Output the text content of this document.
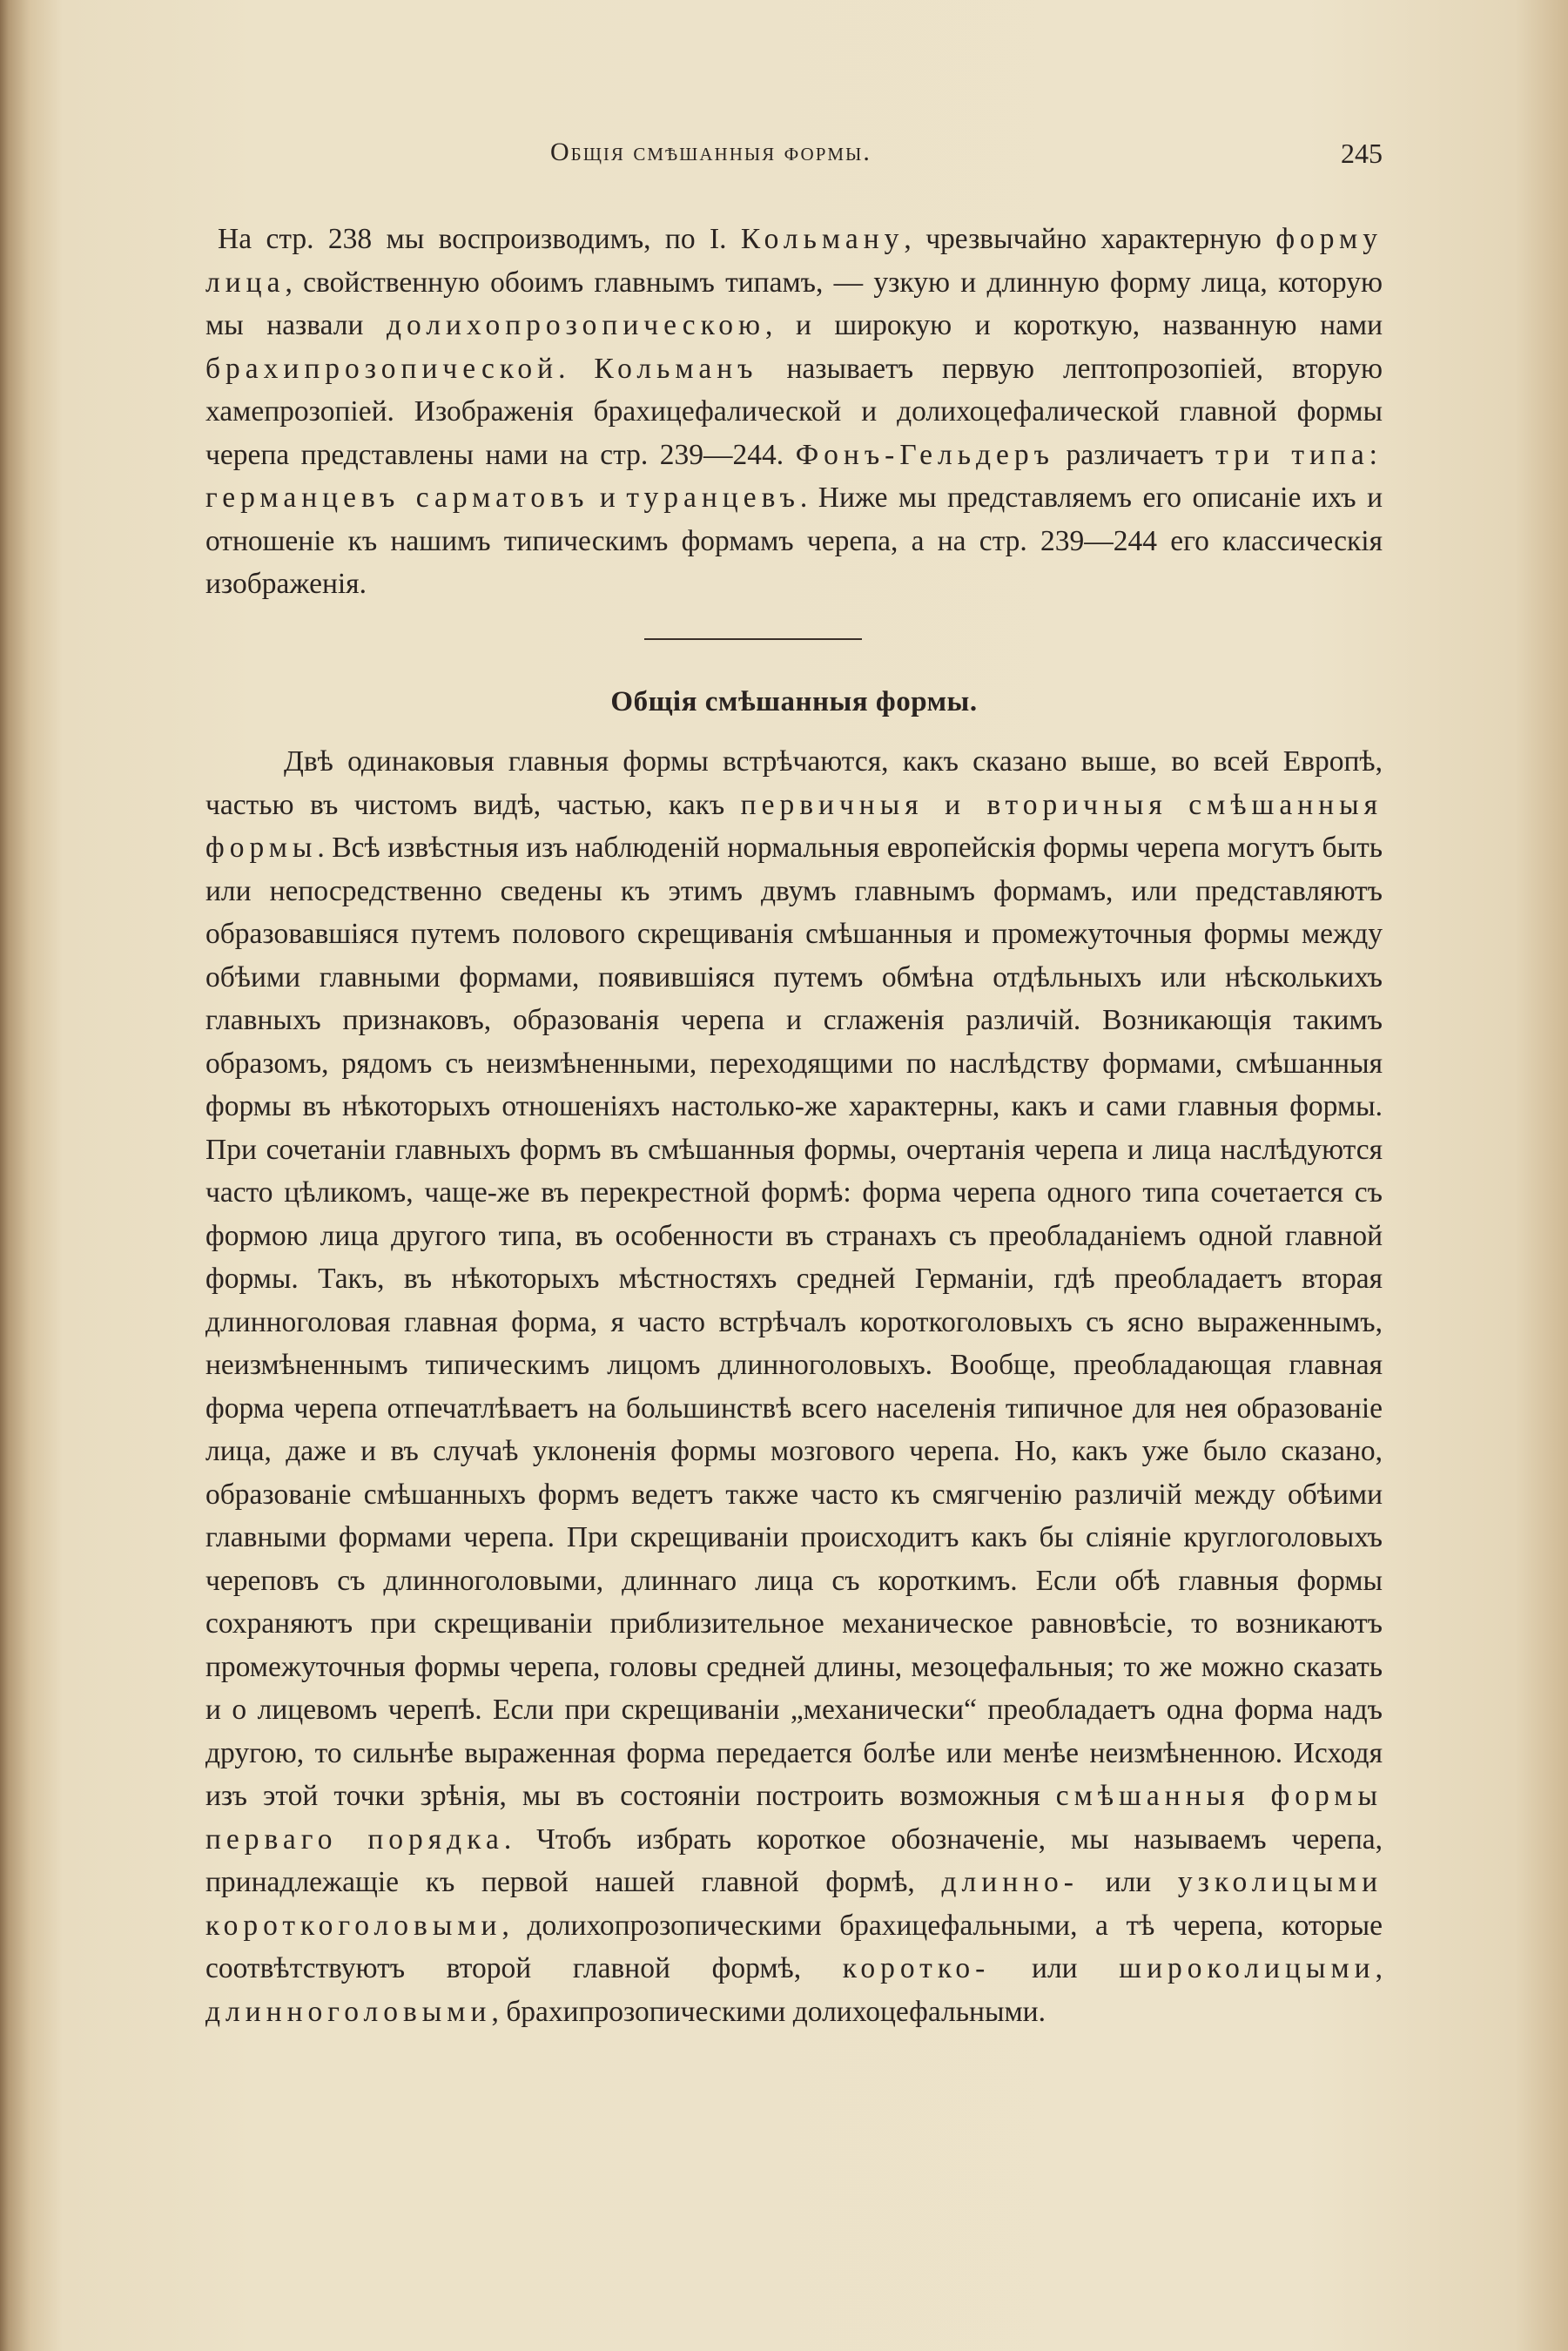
Общія смѣшанныя формы.	245

На стр. 238 мы воспроизводимъ, по I. Кольману, чрезвычайно характерную форму лица, свойственную обоимъ главнымъ типамъ, — узкую и длинную форму лица, которую мы назвали долихопрозопическою, и широкую и короткую, названную нами брахипрозопической. Кольманъ называетъ первую лептопрозопiей, вторую хамепрозопiей. Изображенiя брахицефалической и долихоцефалической главной формы черепа представлены нами на стр. 239—244. Фонъ-Гельдеръ различаетъ три типа: германцевъ сарматовъ и туранцевъ. Ниже мы представляемъ его описанiе ихъ и отношенiе къ нашимъ типическимъ формамъ черепа, а на стр. 239—244 его классическiя изображенiя.

Общiя смѣшанныя формы.

Двѣ одинаковыя главныя формы встрѣчаются, какъ сказано выше, во всей Европѣ, частью въ чистомъ видѣ, частью, какъ первичныя и вторичныя смѣшанныя формы. Всѣ извѣстныя изъ наблюденiй нормальныя европейскiя формы черепа могутъ быть или непосредственно сведены къ этимъ двумъ главнымъ формамъ, или представляютъ образовавшiяся путемъ полового скрещиванiя смѣшанныя и промежуточныя формы между обѣими главными формами, появившiяся путемъ обмѣна отдѣльныхъ или нѣсколькихъ главныхъ признаковъ, образованiя черепа и сглаженiя различiй. Возникающiя такимъ образомъ, рядомъ съ неизмѣненными, переходящими по наслѣдству формами, смѣшанныя формы въ нѣкоторыхъ отношенiяхъ настолько-же характерны, какъ и сами главныя формы. При сочетанiи главныхъ формъ въ смѣшанныя формы, очертанiя черепа и лица наслѣдуются часто цѣликомъ, чаще-же въ перекрестной формѣ: форма черепа одного типа сочетается съ формою лица другого типа, въ особенности въ странахъ съ преобладанiемъ одной главной формы. Такъ, въ нѣкоторыхъ мѣстностяхъ средней Германiи, гдѣ преобладаетъ вторая длинноголовая главная форма, я часто встрѣчалъ короткоголовыхъ съ ясно выраженнымъ, неизмѣненнымъ типическимъ лицомъ длинноголовыхъ. Вообще, преобладающая главная форма черепа отпечатлѣваетъ на большинствѣ всего населенiя типичное для нея образованiе лица, даже и въ случаѣ уклоненiя формы мозгового черепа. Но, какъ уже было сказано, образованiе смѣшанныхъ формъ ведетъ также часто къ смягченiю различiй между обѣими главными формами черепа. При скрещиванiи происходитъ какъ бы слiянiе круглоголовыхъ череповъ съ длинноголовыми, длиннаго лица съ короткимъ. Если обѣ главныя формы сохраняютъ при скрещиванiи приблизительное механическое равновѣсiе, то возникаютъ промежуточныя формы черепа, головы средней длины, мезоцефальныя; то же можно сказать и о лицевомъ черепѣ. Если при скрещиванiи „механически“ преобладаетъ одна форма надъ другою, то сильнѣе выраженная форма передается болѣе или менѣе неизмѣненною. Исходя изъ этой точки зрѣнiя, мы въ состоянiи построить возможныя смѣшанныя формы перваго порядка. Чтобъ избрать короткое обозначенiе, мы называемъ черепа, принадлежащiе къ первой нашей главной формѣ, длинно- или узколицыми короткоголовыми, долихопрозопическими брахицефальными, а тѣ черепа, которые соотвѣтствуютъ второй главной формѣ, коротко- или широколицыми, длинноголовыми, брахипрозопическими долихоцефальными.
